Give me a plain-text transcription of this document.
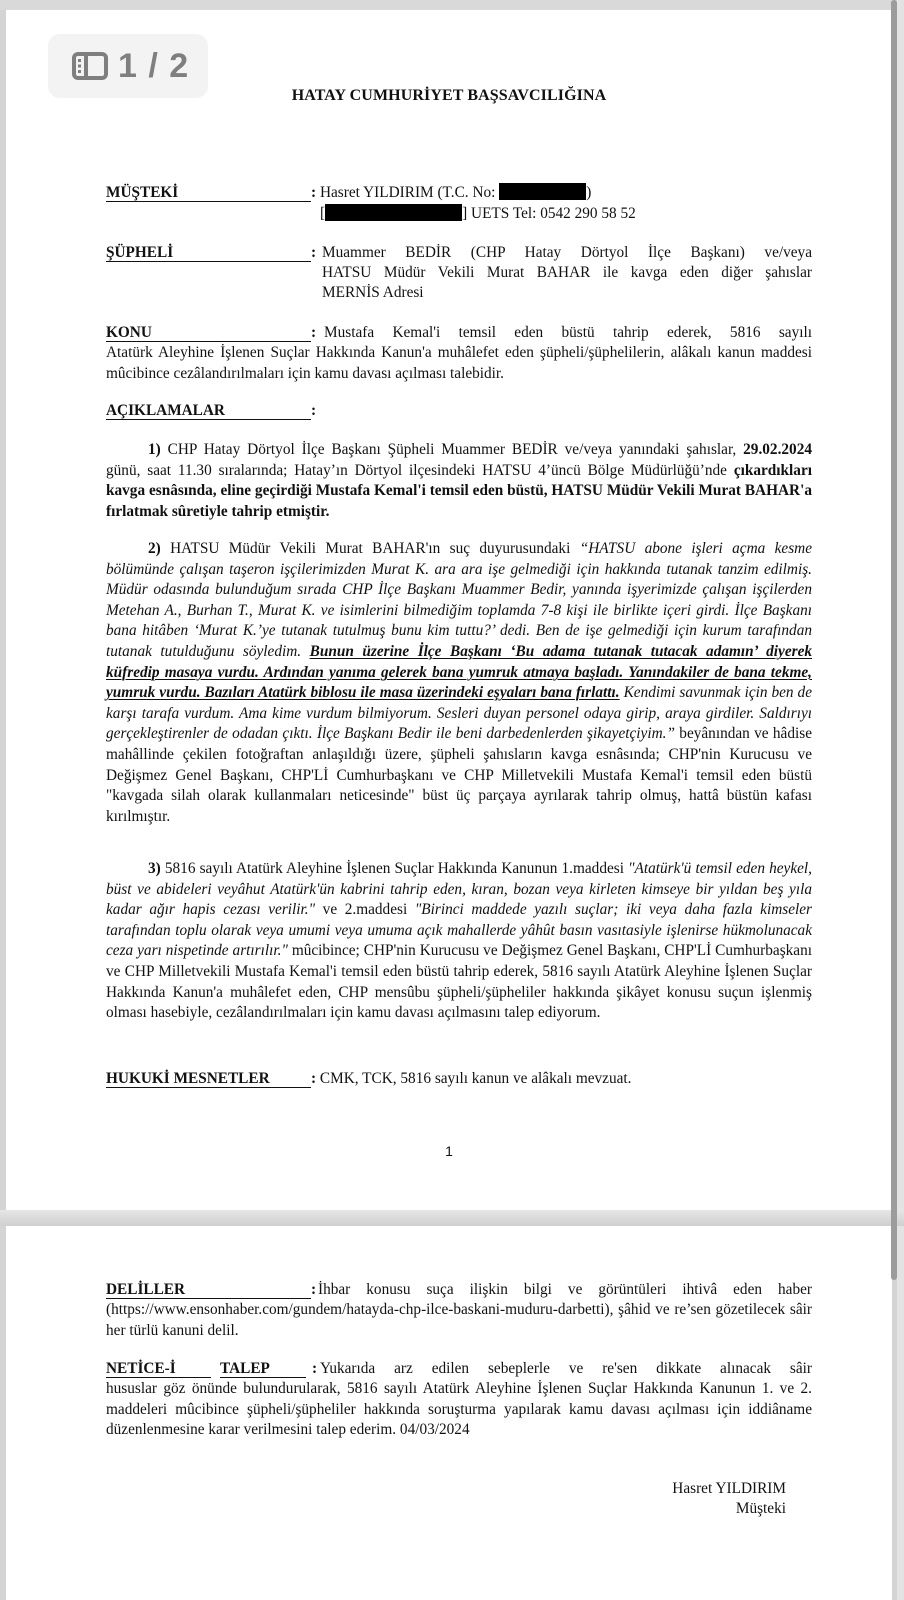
1 / 2
HATAY CUMHURİYET BAŞSAVCILIĞINA
MÜŞTEKİ	: Hasret YILDIRIM (T.C. No:	)
[	] UETS Tel: 0542 290 58 52
ŞÜPHELİ	: Muammer BEDİR (CHP Hatay Dörtyol İlçe Başkanı) ve/veya
HATSU Müdür Vekili Murat BAHAR ile kavga eden diğer şahıslar
MERNİS Adresi
KONU	: Mustafa Kemal'i temsil eden büstü tahrip ederek, 5816 sayılı
Atatürk Aleyhine İşlenen Suçlar Hakkında Kanun'a muhâlefet eden şüpheli/şüphelilerin, alâkalı kanun maddesi mûcibince cezâlandırılmaları için kamu davası açılması talebidir.
AÇIKLAMALAR	:
1) CHP Hatay Dörtyol İlçe Başkanı Şüpheli Muammer BEDİR ve/veya yanındaki şahıslar, 29.02.2024 günü, saat 11.30 sıralarında; Hatay’ın Dörtyol ilçesindeki HATSU 4’üncü Bölge Müdürlüğü’nde çıkardıkları kavga esnâsında, eline geçirdiği Mustafa Kemal'i temsil eden büstü, HATSU Müdür Vekili Murat BAHAR'a fırlatmak sûretiyle tahrip etmiştir.
2) HATSU Müdür Vekili Murat BAHAR'ın suç duyurusundaki “HATSU abone işleri açma kesme bölümünde çalışan taşeron işçilerimizden Murat K. ara ara işe gelmediği için hakkında tutanak tanzim edilmiş. Müdür odasında bulunduğum sırada CHP İlçe Başkanı Muammer Bedir, yanında işyerimizde çalışan işçilerden Metehan A., Burhan T., Murat K. ve isimlerini bilmediğim toplamda 7-8 kişi ile birlikte içeri girdi. İlçe Başkanı bana hitâben ‘Murat K.’ye tutanak tutulmuş bunu kim tuttu?’ dedi. Ben de işe gelmediği için kurum tarafından tutanak tutulduğunu söyledim. Bunun üzerine İlçe Başkanı ‘Bu adama tutanak tutacak adamın’ diyerek küfredip masaya vurdu. Ardından yanıma gelerek bana yumruk atmaya başladı. Yanındakiler de bana tekme, yumruk vurdu. Bazıları Atatürk biblosu ile masa üzerindeki eşyaları bana fırlattı. Kendimi savunmak için ben de karşı tarafa vurdum. Ama kime vurdum bilmiyorum. Sesleri duyan personel odaya girip, araya girdiler. Saldırıyı gerçekleştirenler de odadan çıktı. İlçe Başkanı Bedir ile beni darbedenlerden şikayetçiyim.” beyânından ve hâdise mahâllinde çekilen fotoğraftan anlaşıldığı üzere, şüpheli şahısların kavga esnâsında; CHP'nin Kurucusu ve Değişmez Genel Başkanı, CHP'Lİ Cumhurbaşkanı ve CHP Milletvekili Mustafa Kemal'i temsil eden büstü "kavgada silah olarak kullanmaları neticesinde" büst üç parçaya ayrılarak tahrip olmuş, hattâ büstün kafası kırılmıştır.
3) 5816 sayılı Atatürk Aleyhine İşlenen Suçlar Hakkında Kanunun 1.maddesi "Atatürk'ü temsil eden heykel, büst ve abideleri veyâhut Atatürk'ün kabrini tahrip eden, kıran, bozan veya kirleten kimseye bir yıldan beş yıla kadar ağır hapis cezası verilir." ve 2.maddesi "Birinci maddede yazılı suçlar; iki veya daha fazla kimseler tarafından toplu olarak veya umumi veya umuma açık mahallerde yâhût basın vasıtasiyle işlenirse hükmolunacak ceza yarı nispetinde artırılır." mûcibince; CHP'nin Kurucusu ve Değişmez Genel Başkanı, CHP'Lİ Cumhurbaşkanı ve CHP Milletvekili Mustafa Kemal'i temsil eden büstü tahrip ederek, 5816 sayılı Atatürk Aleyhine İşlenen Suçlar Hakkında Kanun'a muhâlefet eden, CHP mensûbu şüpheli/şüpheliler hakkında şikâyet konusu suçun işlenmiş olması hasebiyle, cezâlandırılmaları için kamu davası açılmasını talep ediyorum.
HUKUKİ MESNETLER	: CMK, TCK, 5816 sayılı kanun ve alâkalı mevzuat.
1
DELİLLER	: İhbar konusu suça ilişkin bilgi ve görüntüleri ihtivâ eden haber
(https://www.ensonhaber.com/gundem/hatayda-chp-ilce-baskani-muduru-darbetti), şâhid ve re’sen gözetilecek sâir her türlü kanuni delil.
NETİCE-İ	TALEP	: Yukarıda arz edilen sebeplerle ve re'sen dikkate alınacak sâir
hususlar göz önünde bulundurularak, 5816 sayılı Atatürk Aleyhine İşlenen Suçlar Hakkında Kanunun 1. ve 2. maddeleri mûcibince şüpheli/şüpheliler hakkında soruşturma yapılarak kamu davası açılması için iddiâname düzenlenmesine karar verilmesini talep ederim. 04/03/2024
Hasret YILDIRIM
Müşteki
